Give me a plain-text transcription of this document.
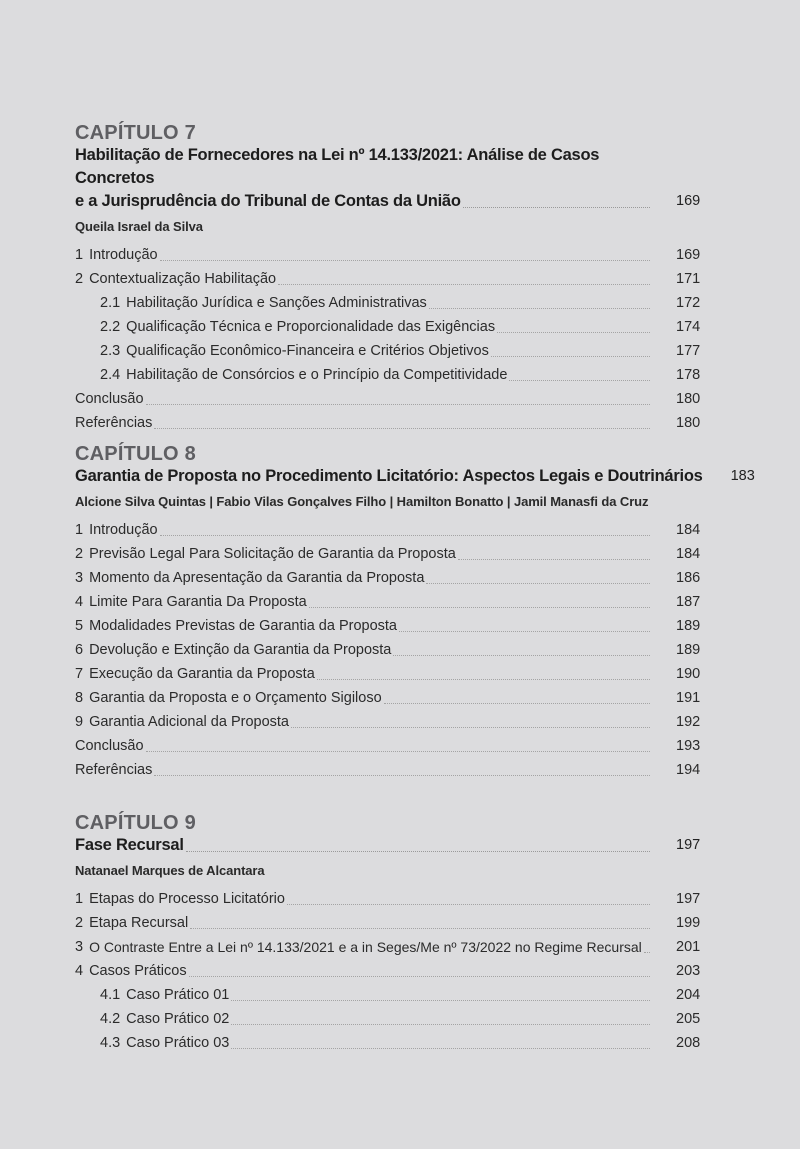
CAPÍTULO 7
Habilitação de Fornecedores na Lei nº 14.133/2021: Análise de Casos Concretos
e a Jurisprudência do Tribunal de Contas da União	169
Queila Israel da Silva
1 Introdução	169
2 Contextualização Habilitação	171
2.1 Habilitação Jurídica e Sanções Administrativas	172
2.2 Qualificação Técnica e Proporcionalidade das Exigências	174
2.3 Qualificação Econômico-Financeira e Critérios Objetivos	177
2.4 Habilitação de Consórcios e o Princípio da Competitividade	178
Conclusão	180
Referências	180
CAPÍTULO 8
Garantia de Proposta no Procedimento Licitatório: Aspectos Legais e Doutrinários 183
Alcione Silva Quintas | Fabio Vilas Gonçalves Filho | Hamilton Bonatto | Jamil Manasfi da Cruz
1 Introdução	184
2 Previsão Legal Para Solicitação de Garantia da Proposta	184
3 Momento da Apresentação da Garantia da Proposta	186
4 Limite Para Garantia Da Proposta	187
5 Modalidades Previstas de Garantia da Proposta	189
6 Devolução e Extinção da Garantia da Proposta	189
7 Execução da Garantia da Proposta	190
8 Garantia da Proposta e o Orçamento Sigiloso	191
9 Garantia Adicional da Proposta	192
Conclusão	193
Referências	194
CAPÍTULO 9
Fase Recursal	197
Natanael Marques de Alcantara
1 Etapas do Processo Licitatório	197
2 Etapa Recursal	199
3 O Contraste Entre a Lei nº 14.133/2021 e a in Seges/Me nº 73/2022 no Regime Recursal 201
4 Casos Práticos	203
4.1 Caso Prático 01	204
4.2 Caso Prático 02	205
4.3 Caso Prático 03	208
